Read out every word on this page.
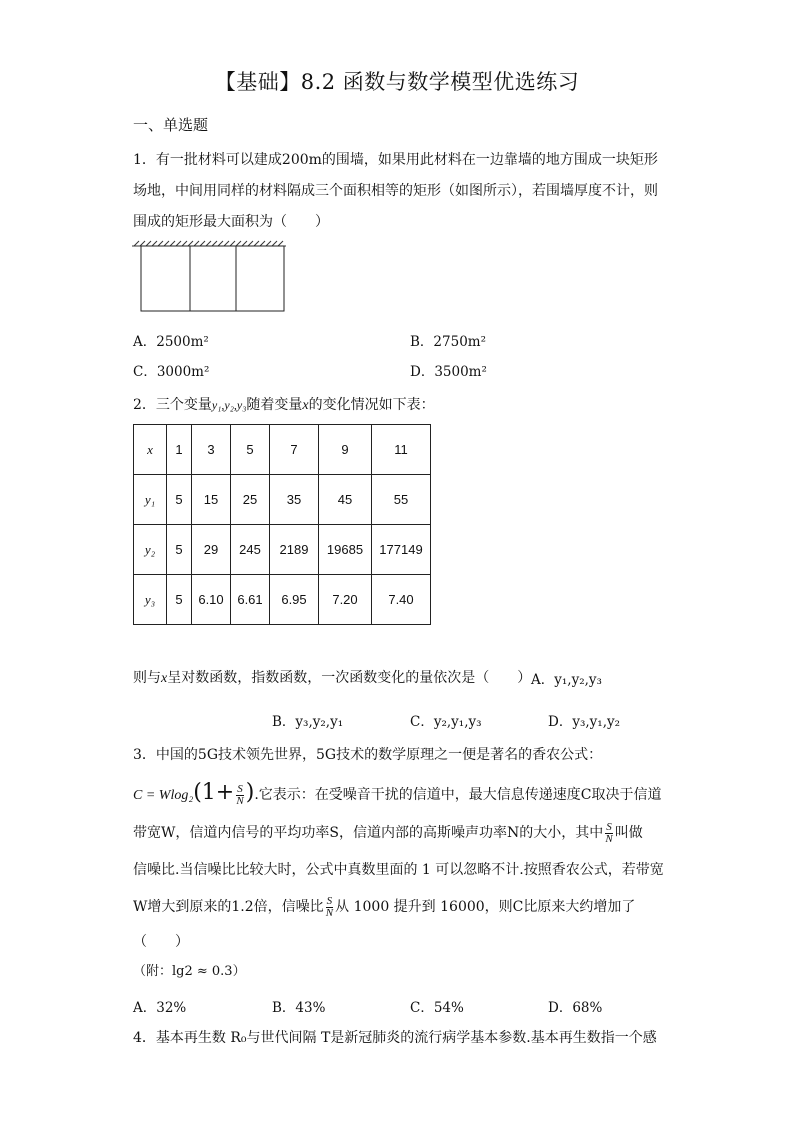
【基础】8.2 函数与数学模型优选练习
一、单选题
1．有一批材料可以建成200m的围墙，如果用此材料在一边靠墙的地方围成一块矩形
场地，中间用同样的材料隔成三个面积相等的矩形（如图所示），若围墙厚度不计，则
围成的矩形最大面积为（　　）
A．2500m²	B．2750m²
C．3000m²	D．3500m²
2．三个变量y₁,y₂,y₃随着变量x的变化情况如下表：
x	1	3	5	7	9	11
y₁	5	15	25	35	45	55
y₂	5	29	245	2189	19685	177149
y₃	5	6.10	6.61	6.95	7.20	7.40
则与x呈对数函数，指数函数，一次函数变化的量依次是（　　） A．y₁,y₂,y₃
B．y₃,y₂,y₁	C．y₂,y₁,y₃	D．y₃,y₁,y₂
3．中国的5G技术领先世界，5G技术的数学原理之一便是著名的香农公式：
$C = Wlog_2(1+ \frac{S}{N}$ ).它表示：在受噪音干扰的信道中，最大信息传递速度C取决于信道
带宽W，信道内信号的平均功率S，信道内部的高斯噪声功率N的大小，其中 $\frac{S}{N}$ 叫做
信噪比.当信噪比比较大时，公式中真数里面的 1 可以忽略不计.按照香农公式，若带宽
W增大到原来的1.2倍，信噪比 $\frac{S}{N}$ 从 1000 提升到 16000，则C比原来大约增加了
（　　）
（附：lg2 ≈ 0.3）
A．32%	B．43%	C．54%	D．68%
4．基本再生数 R₀与世代间隔 T是新冠肺炎的流行病学基本参数.基本再生数指一个感
